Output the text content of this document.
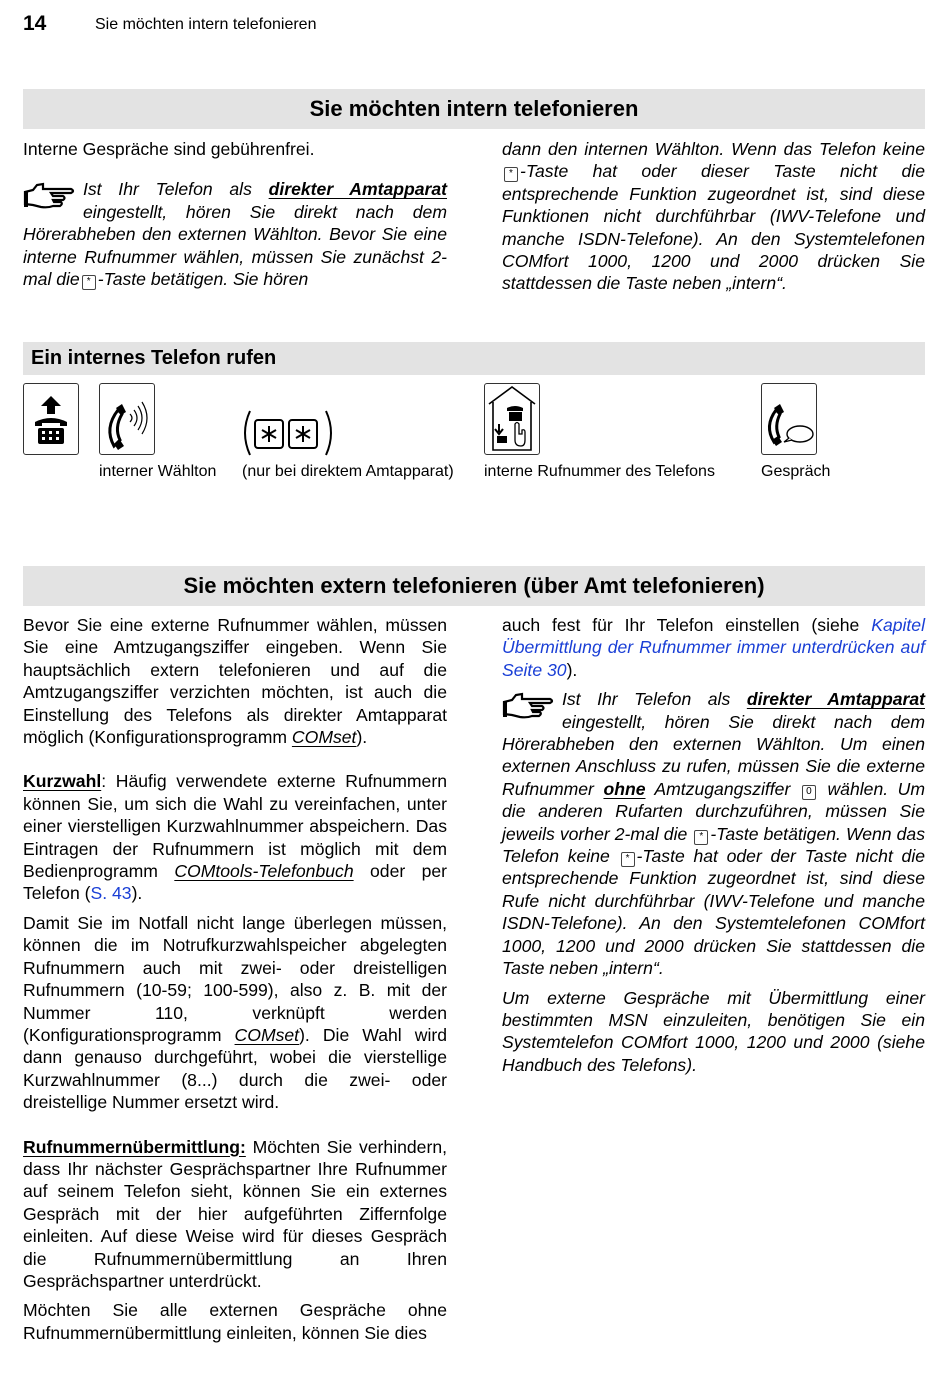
14	Sie möchten intern telefonieren
Sie möchten intern telefonieren

Interne Gespräche sind gebührenfrei.

Ist Ihr Telefon als direkter Amtapparat eingestellt, hören Sie direkt nach dem Hörerabheben den externen Wählton. Bevor Sie eine interne Rufnummer wählen, müssen Sie zunächst 2-mal die * -Taste betätigen. Sie hören

dann den internen Wählton. Wenn das Telefon keine* -Taste hat oder dieser Taste nicht die entsprechende Funktion zugeordnet ist, sind diese Funktionen nicht durchführbar (IWV-Telefone und manche ISDN-Telefone). An den Systemtelefonen COMfort 1000, 1200 und 2000 drücken Sie stattdessen die Taste neben „intern“.

Ein internes Telefon rufen
interner Wählton (nur bei direktem Amtapparat) interne Rufnummer des Telefons	Gespräch
Sie möchten extern telefonieren (über Amt telefonieren)

Bevor Sie eine externe Rufnummer wählen, müssen Sie eine Amtzugangsziffer eingeben. Wenn Sie hauptsächlich extern telefonieren und auf die Amtzugangsziffer verzichten möchten, ist auch die Einstellung des Telefons als direkter Amtapparat möglich (Konfigurationsprogramm COMset).

Kurzwahl: Häufig verwendete externe Rufnummern können Sie, um sich die Wahl zu vereinfachen, unter einer vierstelligen Kurzwahlnummer abspeichern. Das Eintragen der Rufnummern ist möglich mit dem Bedienprogramm COMtools-Telefonbuch oder per Telefon (S. 43).

Damit Sie im Notfall nicht lange überlegen müssen, können die im Notrufkurzwahlspeicher abgelegten Rufnummern auch mit zwei- oder dreistelligen Rufnummern (10-59; 100-599), also z. B. mit der Nummer 110, verknüpft werden (Konfigurationsprogramm COMset). Die Wahl wird dann genauso durchgeführt, wobei die vierstellige Kurzwahlnummer (8...) durch die zwei- oder dreistellige Nummer ersetzt wird.

Rufnummernübermittlung: Möchten Sie verhindern, dass Ihr nächster Gesprächspartner Ihre Rufnummer auf seinem Telefon sieht, können Sie ein externes Gespräch mit der hier aufgeführten Ziffernfolge einleiten. Auf diese Weise wird für dieses Gespräch die Rufnummernübermittlung an Ihren Gesprächspartner unterdrückt.

Möchten Sie alle externen Gespräche ohne Rufnummernübermittlung einleiten, können Sie dies

auch fest für Ihr Telefon einstellen (siehe Kapitel Übermittlung der Rufnummer immer unterdrücken auf Seite 30).

Ist Ihr Telefon als direkter Amtapparat eingestellt, hören Sie direkt nach dem Hörerabheben den externen Wählton. Um einen externen Anschluss zu rufen, müssen Sie die externe Rufnummer ohne Amtzugangsziffer 0 wählen. Um die anderen Rufarten durchzuführen, müssen Sie jeweils vorher 2-mal die * -Taste betätigen. Wenn das Telefon keine * -Taste hat oder der Taste nicht die entsprechende Funktion zugeordnet ist, sind diese Rufe nicht durchführbar (IWV-Telefone und manche ISDN-Telefone). An den Systemtelefonen COMfort 1000, 1200 und 2000 drücken Sie stattdessen die Taste neben „intern“.

Um externe Gespräche mit Übermittlung einer bestimmten MSN einzuleiten, benötigen Sie ein Systemtelefon COMfort 1000, 1200 und 2000 (siehe Handbuch des Telefons).
